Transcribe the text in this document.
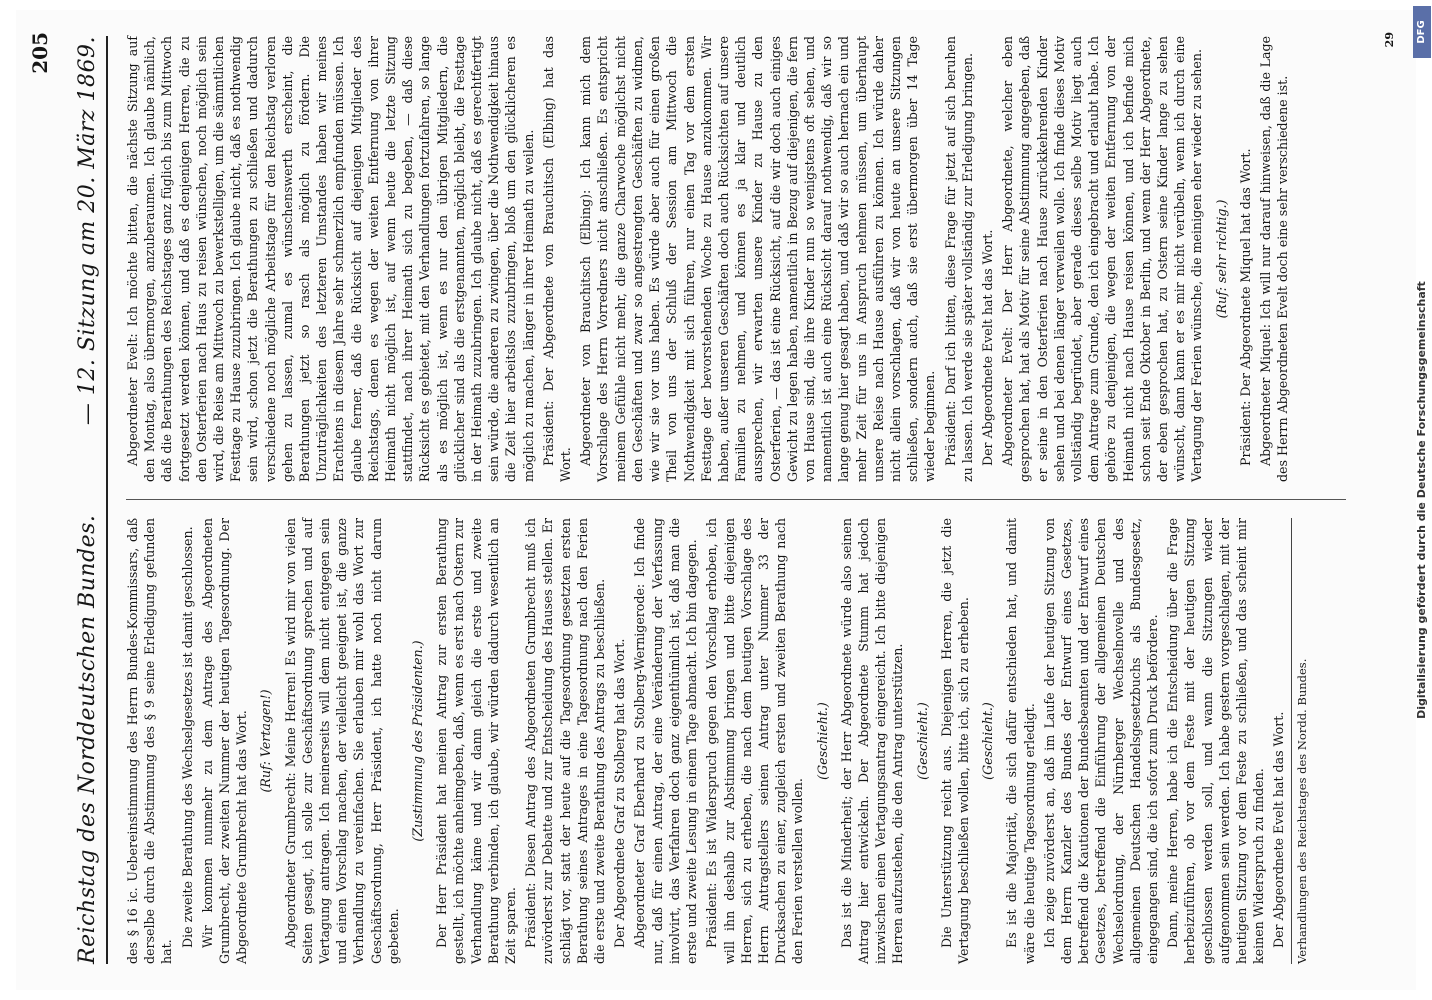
Reichstag des Norddeutschen Bundes.
— 12. Sitzung am 20. März 1869.
205

des § 16 ic. Uebereinstimmung des Herrn Bundes-Kommissars, daß derselbe durch die Abstimmung des § 9 seine Erledigung gefunden hat.

Die zweite Berathung des Wechselgesetzes ist damit geschlossen. Wir kommen nunmehr zu dem Antrage des Abgeordneten Grumbrecht, der zweiten Nummer der heutigen Tagesordnung. Der Abgeordnete Grumbrecht hat das Wort. (Ruf: Vertagen!) Abgeordneter Grumbrecht: Meine Herren! Es wird mir von vielen Seiten gesagt, ich solle zur Geschäftsordnung sprechen und auf Vertagung antragen. Ich meinerseits will dem nicht entgegen sein und einen Vorschlag machen, der vielleicht geeignet ist, die ganze Verhandlung zu vereinfachen. Sie erlauben mir wohl das Wort zur Geschäftsordnung, Herr Präsident, ich hatte noch nicht darum gebeten.

(Zustimmung des Präsidenten.) Der Herr Präsident hat meinen Antrag zur ersten Berathung gestellt, ich möchte anheimgeben, daß, wenn es erst nach Ostern zur Verhandlung käme und wir dann gleich die erste und zweite Berathung verbinden, ich glaube, wir würden dadurch wesentlich an Zeit sparen. Präsident: Diesen Antrag des Abgeordneten Grumbrecht muß ich zuvörderst zur Debatte und zur Entscheidung des Hauses stellen. Er schlägt vor, statt der heute auf die Tagesordnung gesetzten ersten Berathung seines Antrages in eine Tagesordnung nach den Ferien die erste und zweite Berathung des Antrags zu beschließen. Der Abgeordnete Graf zu Stolberg hat das Wort. Abgeordneter Graf Eberhard zu Stolberg-Wernigerode: Ich finde nur, daß für einen Antrag, der eine Veränderung der Verfassung involvirt, das Verfahren doch ganz eigenthümlich ist, daß man die erste und zweite Lesung in einem Tage abmacht. Ich bin dagegen. Präsident: Es ist Widerspruch gegen den Vorschlag erhoben, ich will ihn deshalb zur Abstimmung bringen und bitte diejenigen Herren, sich zu erheben, die nach dem heutigen Vorschlage des Herrn Antragstellers seinen Antrag unter Nummer 33 der Drucksachen zu einer, zugleich ersten und zweiten Berathung nach den Ferien verstellen wollen.

(Geschieht.) Das ist die Minderheit; der Herr Abgeordnete würde also seinen Antrag hier entwickeln. Der Abgeordnete Stumm hat jedoch inzwischen einen Vertagungsantrag eingereicht. Ich bitte diejenigen Herren aufzustehen, die den Antrag unterstützen. (Geschieht.) Die Unterstützung reicht aus. Diejenigen Herren, die jetzt die Vertagung beschließen wollen, bitte ich, sich zu erheben. (Geschieht.) Es ist die Majorität, die sich dafür entschieden hat, und damit wäre die heutige Tagesordnung erledigt. Ich zeige zuvörderst an, daß im Laufe der heutigen Sitzung von dem Herrn Kanzler des Bundes der Entwurf eines Gesetzes, betreffend die Kautionen der Bundesbeamten und der Entwurf eines Gesetzes, betreffend die Einführung der allgemeinen Deutschen Wechselordnung, der Nürnberger Wechselnovelle und des allgemeinen Deutschen Handelsgesetzbuchs als Bundesgesetz, eingegangen sind, die ich sofort zum Druck befördere. Dann, meine Herren, habe ich die Entscheidung über die Frage herbeizuführen, ob vor dem Feste mit der heutigen Sitzung geschlossen werden soll, und wann die Sitzungen wieder aufgenommen sein werden. Ich habe gestern vorgeschlagen, mit der heutigen Sitzung vor dem Feste zu schließen, und das scheint mir keinen Widerspruch zu finden. Der Abgeordnete Evelt hat das Wort. Verhandlungen des Reichstages des Nordd. Bundes.

Abgeordneter Evelt: Ich möchte bitten, die nächste Sitzung auf den Montag, also übermorgen, anzuberaumen. Ich glaube nämlich, daß die Berathungen des Reichstages ganz füglich bis zum Mittwoch fortgesetzt werden können, und daß es denjenigen Herren, die zu den Osterferien nach Haus zu reisen wünschen, noch möglich sein wird, die Reise am Mittwoch zu bewerkstelligen, um die sämmtlichen Festtage zu Hause zuzubringen. Ich glaube nicht, daß es nothwendig sein wird, schon jetzt die Berathungen zu schließen und dadurch verschiedene noch mögliche Arbeitstage für den Reichstag verloren gehen zu lassen, zumal es wünschenswerth erscheint, die Berathungen jetzt so rasch als möglich zu fördern. Die Unzuträglichkeiten des letzteren Umstandes haben wir meines Erachtens in diesem Jahre sehr schmerzlich empfunden müssen. Ich glaube ferner, daß die Rücksicht auf diejenigen Mitglieder des Reichstags, denen es wegen der weiten Entfernung von ihrer Heimath nicht möglich ist, auf wenn heute die letzte Sitzung stattfindet, nach ihrer Heimath sich zu begeben, — daß diese Rücksicht es gebietet, mit den Verhandlungen fortzufahren, so lange als es möglich ist, wenn es nur den übrigen Mitgliedern, die glücklicher sind als die erstgenannten, möglich bleibt, die Festtage in der Heimath zuzubringen. Ich glaube nicht, daß es gerechtfertigt sein würde, die anderen zu zwingen, über die Nothwendigkeit hinaus die Zeit hier arbeitslos zuzubringen, bloß um den glücklicheren es möglich zu machen, länger in ihrer Heimath zu weilen. Präsident: Der Abgeordnete von Brauchitsch (Elbing) hat das Wort. Abgeordneter von Brauchitsch (Elbing): Ich kann mich dem Vorschlage des Herrn Vorredners nicht anschließen. Es entspricht meinem Gefühle nicht mehr, die ganze Charwoche möglichst nicht den Geschäften und zwar so angestrengten Geschäften zu widmen, wie wir sie vor uns haben. Es würde aber auch für einen großen Theil von uns der Schluß der Session am Mittwoch die Nothwendigkeit mit sich führen, nur einen Tag vor dem ersten Festtage der bevorstehenden Woche zu Hause anzukommen. Wir haben, außer unseren Geschäften doch auch Rücksichten auf unsere Familien zu nehmen, und können es ja klar und deutlich aussprechen, wir erwarten unsere Kinder zu Hause zu den Osterferien, — das ist eine Rücksicht, auf die wir doch auch einiges Gewicht zu legen haben, namentlich in Bezug auf diejenigen, die fern von Hause sind, die ihre Kinder nun so wenigstens oft sehen, und namentlich ist auch eine Rücksicht darauf nothwendig, daß wir so lange genug hier gesagt haben, und daß wir so auch hernach ein und mehr Zeit für uns in Anspruch nehmen müssen, um überhaupt unsere Reise nach Hause ausführen zu können. Ich würde daher nicht allein vorschlagen, daß wir von heute an unsere Sitzungen schließen, sondern auch, daß sie erst übermorgen über 14 Tage wieder beginnen. Präsident: Darf ich bitten, diese Frage für jetzt auf sich beruhen zu lassen. Ich werde sie später vollständig zur Erledigung bringen. Der Abgeordnete Evelt hat das Wort. Abgeordneter Evelt: Der Herr Abgeordnete, welcher eben gesprochen hat, hat als Motiv für seine Abstimmung angegeben, daß er seine in den Osterferien nach Hause zurückkehrenden Kinder sehen und bei denen länger verweilen wolle. Ich finde dieses Motiv vollständig begründet, aber gerade dieses selbe Motiv liegt auch dem Antrage zum Grunde, den ich eingebracht und erlaubt habe. Ich gehöre zu denjenigen, die wegen der weiten Entfernung von der Heimath nicht nach Hause reisen können, und ich befinde mich schon seit Ende Oktober in Berlin, und wenn der Herr Abgeordnete, der eben gesprochen hat, zu Ostern seine Kinder lange zu sehen wünscht, dann kann er es mir nicht verübeln, wenn ich durch eine Vertagung der Ferien wünsche, die meinigen eher wieder zu sehen. (Ruf: sehr richtig.) Präsident: Der Abgeordnete Miquel hat das Wort. Abgeordneter Miquel: Ich will nur darauf hinweisen, daß die Lage des Herrn Abgeordneten Evelt doch eine sehr verschiedene ist.

29 DFG
Digitalisierung gefördert durch die Deutsche Forschungsgemeinschaft
